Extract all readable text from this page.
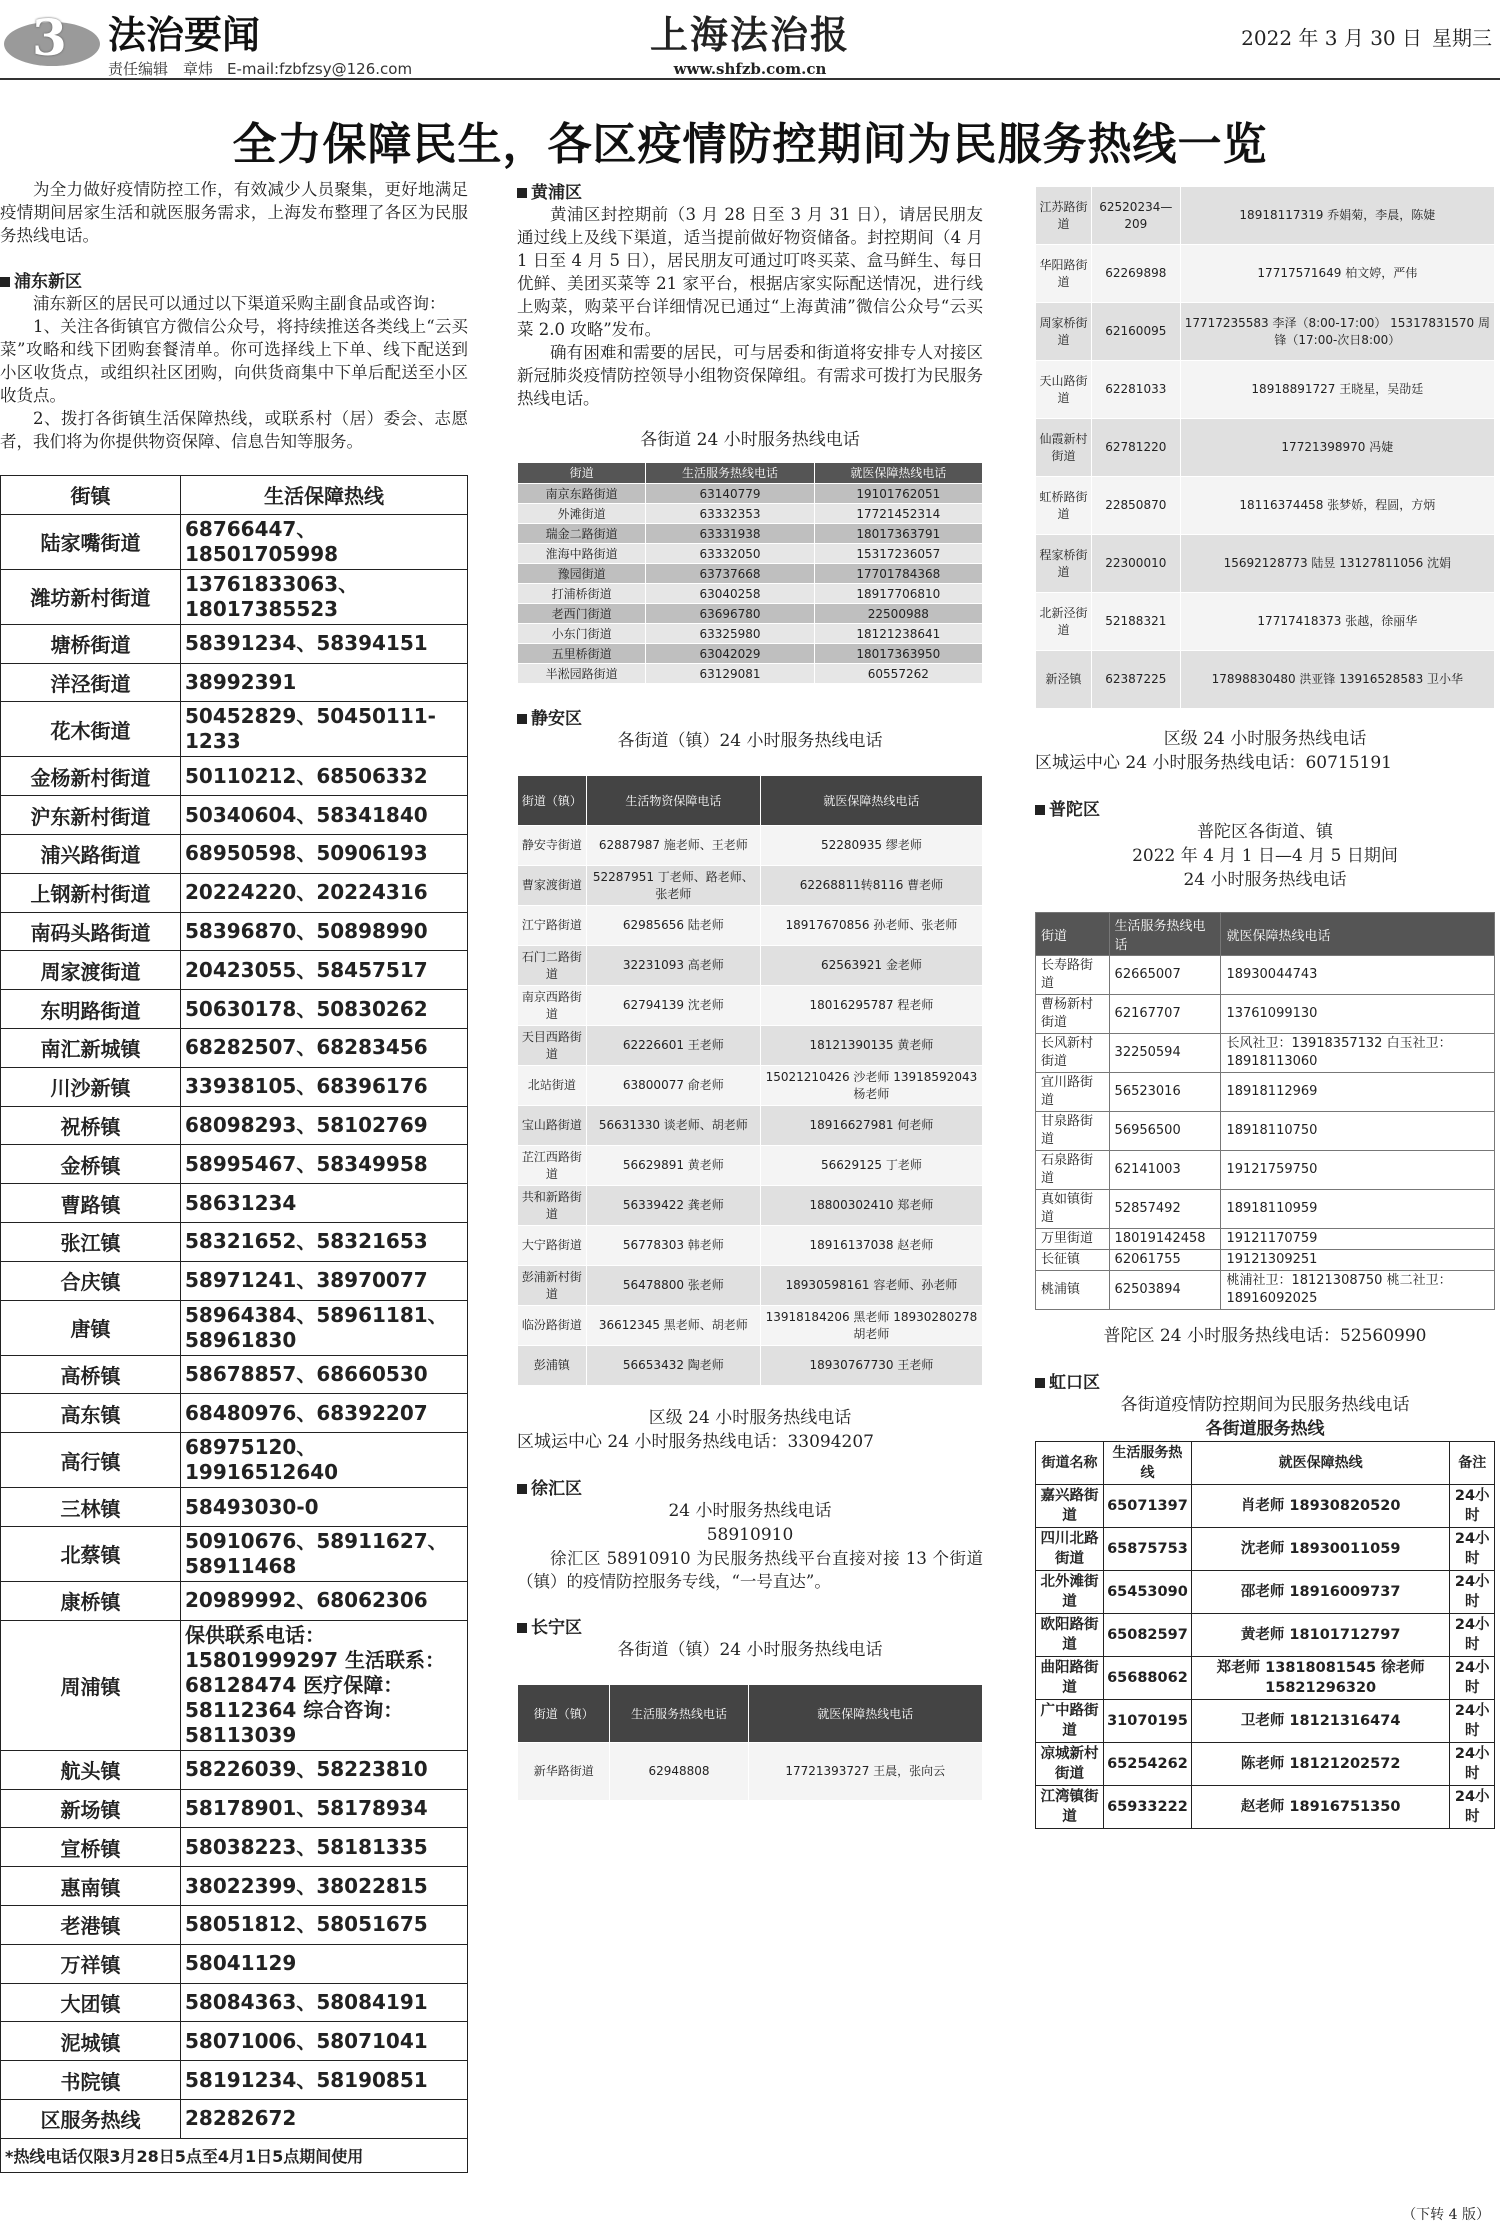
3 法治要闻
责任编辑　章炜 E-mail:fzbfzsy@126.com
上海法治报
www.shfzb.com.cn
2022 年 3 月 30 日 星期三
全力保障民生，各区疫情防控期间为民服务热线一览

为全力做好疫情防控工作，有效减少人员聚集，更好地满足疫情期间居家生活和就医服务需求，上海发布整理了各区为民服务热线电话。

浦东新区

浦东新区的居民可以通过以下渠道采购主副食品或咨询：

1、关注各街镇官方微信公众号，将持续推送各类线上“云买菜”攻略和线下团购套餐清单。你可选择线上下单、线下配送到小区收货点，或组织社区团购，向供货商集中下单后配送至小区收货点。

2、拨打各街镇生活保障热线，或联系村（居）委会、志愿者，我们将为你提供物资保障、信息告知等服务。

街镇	生活保障热线
陆家嘴街道	68766447、18501705998
潍坊新村街道	13761833063、18017385523
塘桥街道	58391234、58394151
洋泾街道	38992391
花木街道	50452829、50450111-1233
金杨新村街道	50110212、68506332
沪东新村街道	50340604、58341840
浦兴路街道	68950598、50906193
上钢新村街道	20224220、20224316
南码头路街道	58396870、50898990
周家渡街道	20423055、58457517
东明路街道	50630178、50830262
南汇新城镇	68282507、68283456
川沙新镇	33938105、68396176
祝桥镇	68098293、58102769
金桥镇	58995467、58349958
曹路镇	58631234
张江镇	58321652、58321653
合庆镇	58971241、38970077
唐镇	58964384、58961181、58961830
高桥镇	58678857、68660530
高东镇	68480976、68392207
高行镇	68975120、19916512640
三林镇	58493030-0
北蔡镇	50910676、58911627、58911468
康桥镇	20989992、68062306
周浦镇	保供联系电话：15801999297 生活联系：68128474 医疗保障：58112364 综合咨询：58113039
航头镇	58226039、58223810
新场镇	58178901、58178934
宣桥镇	58038223、58181335
惠南镇	38022399、38022815
老港镇	58051812、58051675
万祥镇	58041129
大团镇	58084363、58084191
泥城镇	58071006、58071041
书院镇	58191234、58190851
区服务热线	28282672
*热线电话仅限3月28日5点至4月1日5点期间使用	
黄浦区

黄浦区封控期前（3 月 28 日至 3 月 31 日），请居民朋友通过线上及线下渠道，适当提前做好物资储备。封控期间（4 月 1 日至 4 月 5 日），居民朋友可通过叮咚买菜、盒马鲜生、每日优鲜、美团买菜等 21 家平台，根据店家实际配送情况，进行线上购菜，购菜平台详细情况已通过“上海黄浦”微信公众号“云买菜 2.0 攻略”发布。

确有困难和需要的居民，可与居委和街道将安排专人对接区新冠肺炎疫情防控领导小组物资保障组。有需求可拨打为民服务热线电话。

各街道 24 小时服务热线电话
街道	生活服务热线电话	就医保障热线电话
南京东路街道	63140779	19101762051
外滩街道	63332353	17721452314
瑞金二路街道	63331938	18017363791
淮海中路街道	63332050	15317236057
豫园街道	63737668	17701784368
打浦桥街道	63040258	18917706810
老西门街道	63696780	22500988
小东门街道	63325980	18121238641
五里桥街道	63042029	18017363950
半淞园路街道	63129081	60557262
静安区
各街道（镇）24 小时服务热线电话
街道（镇）	生活物资保障电话	就医保障热线电话
静安寺街道	62887987 施老师、王老师	52280935 缪老师
曹家渡街道	52287951 丁老师、路老师、张老师	62268811转8116 曹老师
江宁路街道	62985656 陆老师	18917670856 孙老师、张老师
石门二路街道	32231093 高老师	62563921 金老师
南京西路街道	62794139 沈老师	18016295787 程老师
天目西路街道	62226601 王老师	18121390135 黄老师
北站街道	63800077 俞老师	15021210426 沙老师 13918592043 杨老师
宝山路街道	56631330 谈老师、胡老师	18916627981 何老师
芷江西路街道	56629891 黄老师	56629125 丁老师
共和新路街道	56339422 龚老师	18800302410 郑老师
大宁路街道	56778303 韩老师	18916137038 赵老师
彭浦新村街道	56478800 张老师	18930598161 容老师、孙老师
临汾路街道	36612345 黑老师、胡老师	13918184206 黑老师 18930280278 胡老师
彭浦镇	56653432 陶老师	18930767730 王老师
区级 24 小时服务热线电话
区城运中心 24 小时服务热线电话：33094207
徐汇区
24 小时服务热线电话
58910910

徐汇区 58910910 为民服务热线平台直接对接 13 个街道（镇）的疫情防控服务专线，“一号直达”。

长宁区
各街道（镇）24 小时服务热线电话
街道（镇）	生活服务热线电话	就医保障热线电话
新华路街道	62948808	17721393727 王晨，张向云
江苏路街道	62520234—209	18918117319 乔娟菊，李晨，陈婕
华阳路街道	62269898	17717571649 柏文婷，严伟
周家桥街道	62160095	17717235583 李泽（8:00-17:00） 15317831570 周锋（17:00-次日8:00）
天山路街道	62281033	18918891727 王晓星，吴劭廷
仙霞新村街道	62781220	17721398970 冯婕
虹桥路街道	22850870	18116374458 张梦娇，程圆，方炳
程家桥街道	22300010	15692128773 陆昱 13127811056 沈娟
北新泾街道	52188321	17717418373 张越，徐丽华
新泾镇	62387225	17898830480 洪亚锋 13916528583 卫小华
区级 24 小时服务热线电话
区城运中心 24 小时服务热线电话：60715191
普陀区
普陀区各街道、镇
2022 年 4 月 1 日—4 月 5 日期间
24 小时服务热线电话
街道	生活服务热线电话	就医保障热线电话
长寿路街道	62665007	18930044743
曹杨新村街道	62167707	13761099130
长风新村街道	32250594	长风社卫：13918357132 白玉社卫：18918113060
宜川路街道	56523016	18918112969
甘泉路街道	56956500	18918110750
石泉路街道	62141003	19121759750
真如镇街道	52857492	18918110959
万里街道	18019142458	19121170759
长征镇	62061755	19121309251
桃浦镇	62503894	桃浦社卫：18121308750 桃二社卫：18916092025
普陀区 24 小时服务热线电话：52560990
虹口区
各街道疫情防控期间为民服务热线电话
各街道服务热线
街道名称	生活服务热线	就医保障热线	备注
嘉兴路街道	65071397	肖老师 18930820520	24小时
四川北路街道	65875753	沈老师 18930011059	24小时
北外滩街道	65453090	邵老师 18916009737	24小时
欧阳路街道	65082597	黄老师 18101712797	24小时
曲阳路街道	65688062	郑老师 13818081545 徐老师 15821296320	24小时
广中路街道	31070195	卫老师 18121316474	24小时
凉城新村街道	65254262	陈老师 18121202572	24小时
江湾镇街道	65933222	赵老师 18916751350	24小时
（下转 4 版）
